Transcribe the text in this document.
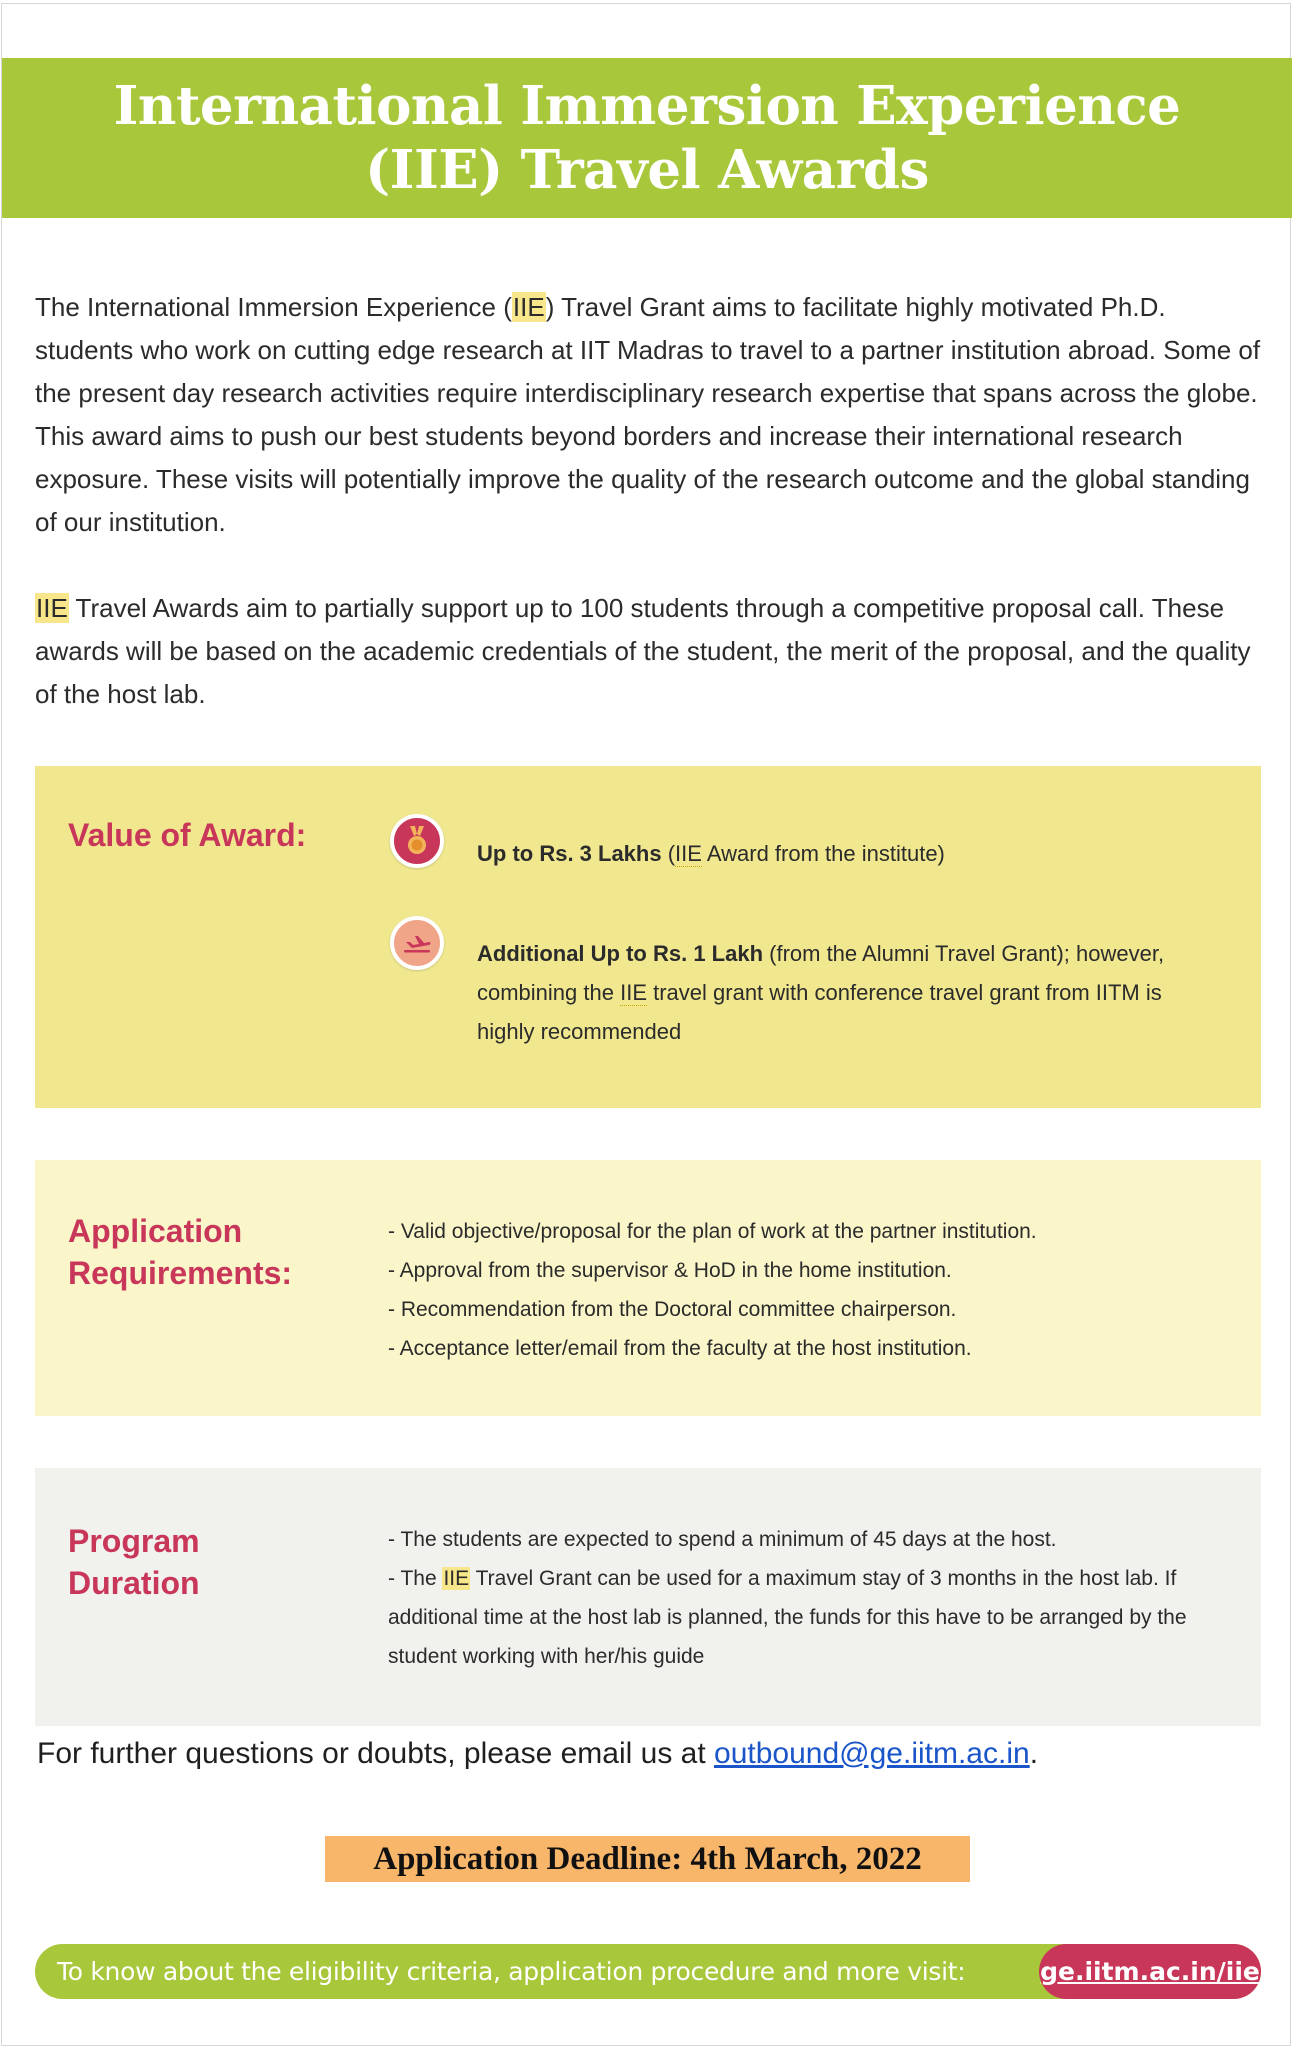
International Immersion Experience
(IIE) Travel Awards

The International Immersion Experience (IIE) Travel Grant aims to facilitate highly motivated Ph.D. students who work on cutting edge research at IIT Madras to travel to a partner institution abroad. Some of the present day research activities require interdisciplinary research expertise that spans across the globe. This award aims to push our best students beyond borders and increase their international research exposure. These visits will potentially improve the quality of the research outcome and the global standing of our institution.

IIE Travel Awards aim to partially support up to 100 students through a competitive proposal call. These awards will be based on the academic credentials of the student, the merit of the proposal, and the quality of the host lab.

Value of Award:
Up to Rs. 3 Lakhs (IIE Award from the institute)
Additional Up to Rs. 1 Lakh (from the Alumni Travel Grant); however, combining the IIE travel grant with conference travel grant from IITM is highly recommended
Application
Requirements:
- Valid objective/proposal for the plan of work at the partner institution.
- Approval from the supervisor & HoD in the home institution.
- Recommendation from the Doctoral committee chairperson.
- Acceptance letter/email from the faculty at the host institution.
Program
Duration
- The students are expected to spend a minimum of 45 days at the host.
- The IIE Travel Grant can be used for a maximum stay of 3 months in the host lab. If additional time at the host lab is planned, the funds for this have to be arranged by the student working with her/his guide
For further questions or doubts, please email us at outbound@ge.iitm.ac.in.
Application Deadline: 4th March, 2022
To know about the eligibility criteria, application procedure and more visit:	ge.iitm.ac.in/iie
